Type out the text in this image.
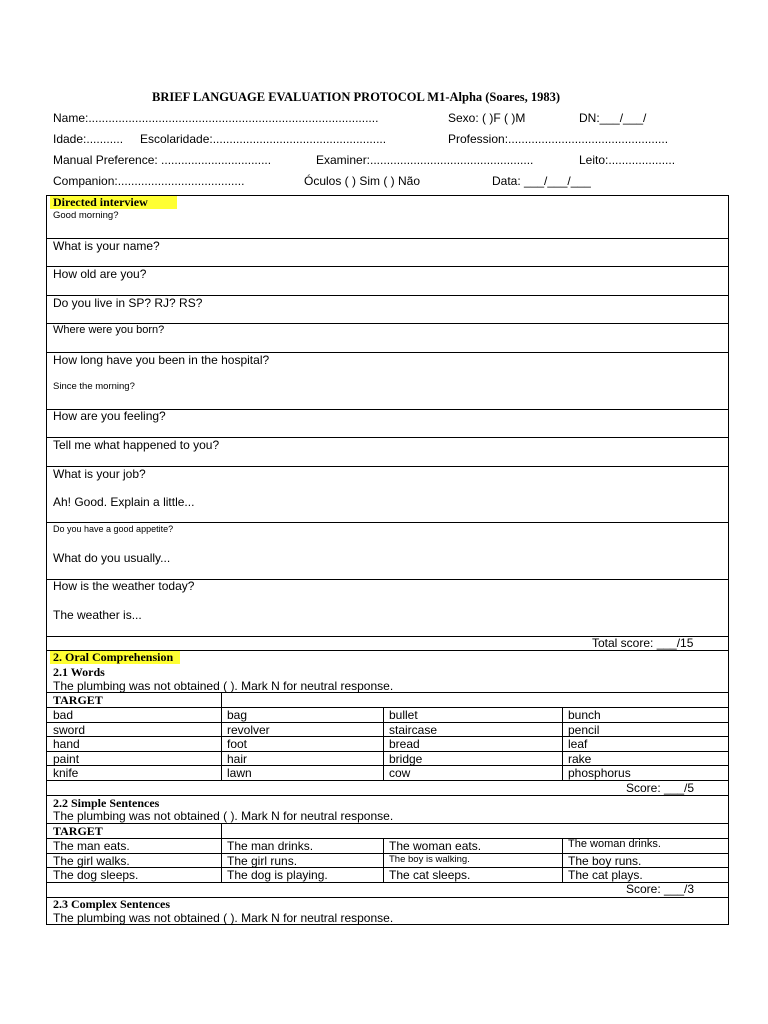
BRIEF LANGUAGE EVALUATION PROTOCOL M1-Alpha (Soares, 1983)
Name:.......................................................................................	Sexo: ( )F ( )M	DN:___/___/
Idade:........... Escolaridade:....................................................	Profession:................................................
Manual Preference: .................................	Examiner:.................................................	Leito:....................
Companion:......................................	Óculos ( ) Sim ( ) Não	Data: ___/___/___
Directed interview
Good morning?
What is your name?
How old are you?
Do you live in SP? RJ? RS?
Where were you born?
How long have you been in the hospital?
Since the morning?
How are you feeling?
Tell me what happened to you?
What is your job?
Ah! Good. Explain a little...
Do you have a good appetite?
What do you usually...
How is the weather today?
The weather is...
Total score: ___/15
2. Oral Comprehension
2.1 Words
The plumbing was not obtained ( ). Mark N for neutral response.
TARGET
bad	bag	bullet	bunch
sword	revolver	staircase	pencil
hand	foot	bread	leaf
paint	hair	bridge	rake
knife	lawn	cow	phosphorus
Score: ___/5
2.2 Simple Sentences
The plumbing was not obtained ( ). Mark N for neutral response.
TARGET
The man eats.	The man drinks.	The woman eats.	The woman drinks.
The girl walks.	The girl runs.	The boy is walking.	The boy runs.
The dog sleeps.	The dog is playing.	The cat sleeps.	The cat plays.
Score: ___/3
2.3 Complex Sentences
The plumbing was not obtained ( ). Mark N for neutral response.
